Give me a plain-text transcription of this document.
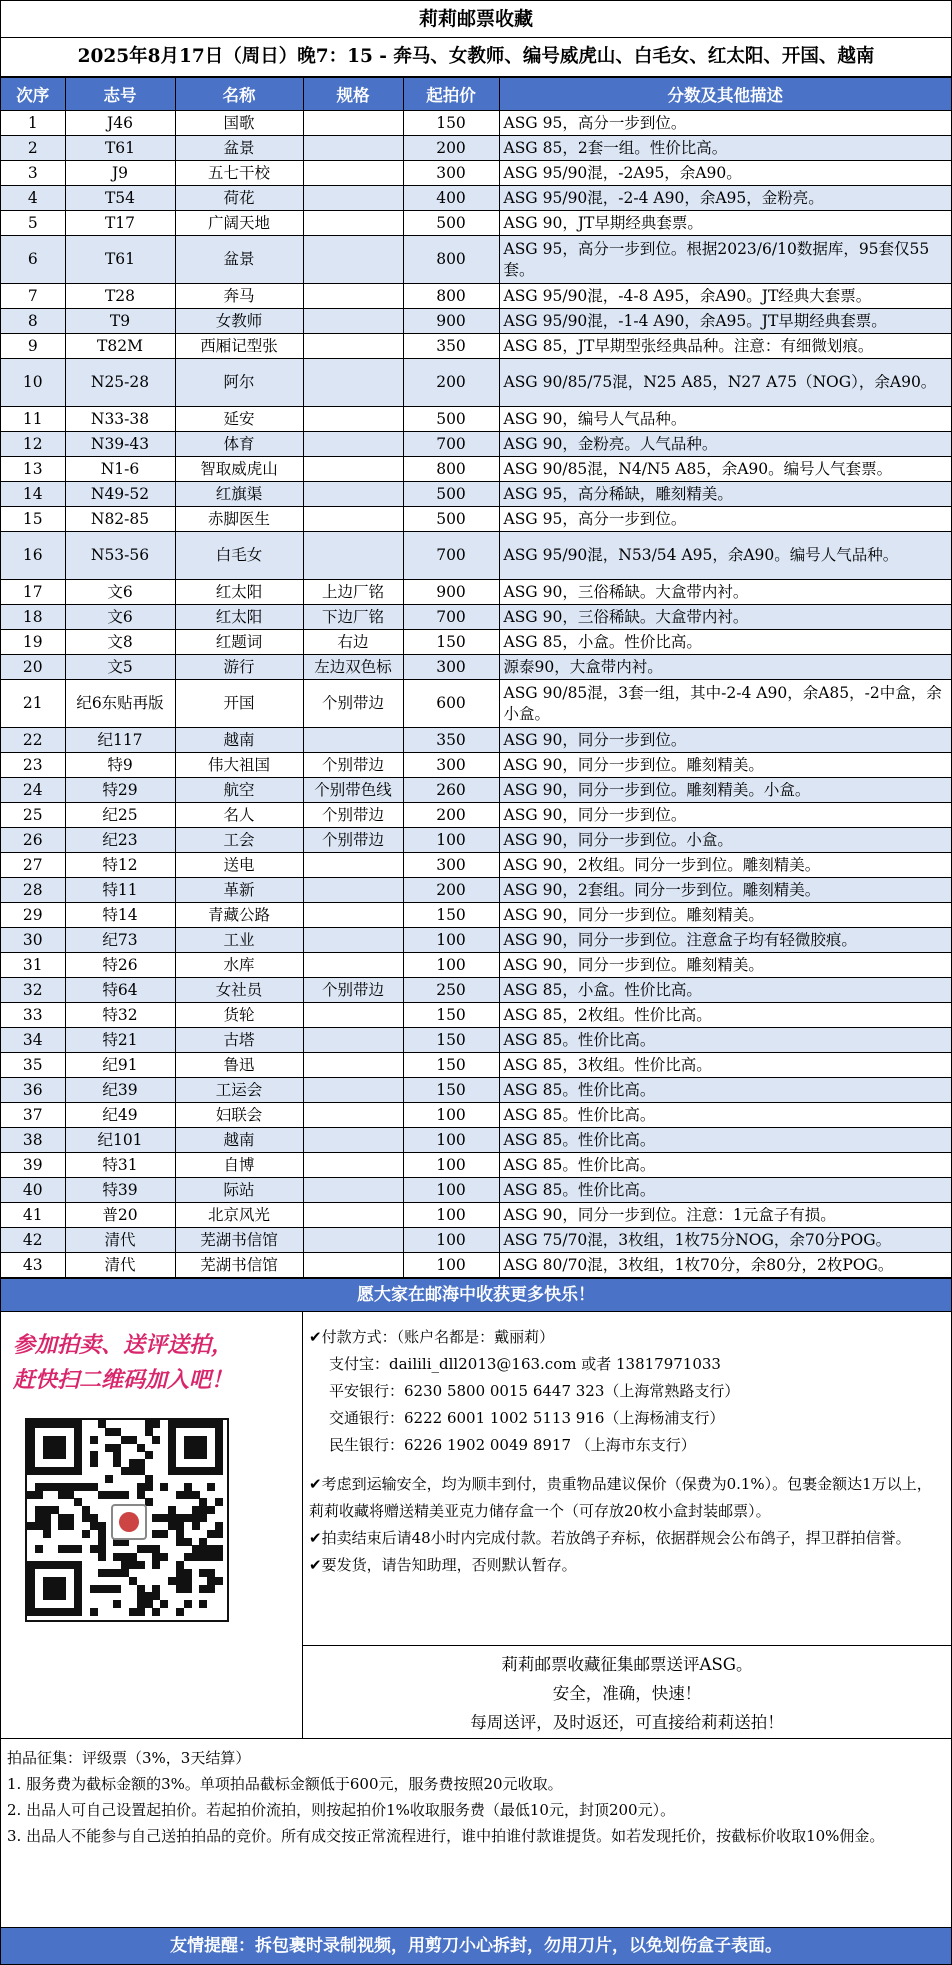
莉莉邮票收藏
2025年8月17日（周日）晚7：15 - 奔马、女教师、编号威虎山、白毛女、红太阳、开国、越南
次序	志号	名称	规格	起拍价	分数及其他描述
1	J46	国歌		150	ASG 95，高分一步到位。
2	T61	盆景		200	ASG 85，2套一组。性价比高。
3	J9	五七干校		300	ASG 95/90混，-2A95，余A90。
4	T54	荷花		400	ASG 95/90混，-2-4 A90，余A95，金粉亮。
5	T17	广阔天地		500	ASG 90，JT早期经典套票。
6	T61	盆景		800	ASG 95，高分一步到位。根据2023/6/10数据库，95套仅55套。
7	T28	奔马		800	ASG 95/90混，-4-8 A95，余A90。JT经典大套票。
8	T9	女教师		900	ASG 95/90混，-1-4 A90，余A95。JT早期经典套票。
9	T82M	西厢记型张		350	ASG 85，JT早期型张经典品种。注意：有细微划痕。
10	N25-28	阿尔		200	ASG 90/85/75混，N25 A85，N27 A75（NOG），余A90。
11	N33-38	延安		500	ASG 90，编号人气品种。
12	N39-43	体育		700	ASG 90，金粉亮。人气品种。
13	N1-6	智取威虎山		800	ASG 90/85混，N4/N5 A85，余A90。编号人气套票。
14	N49-52	红旗渠		500	ASG 95，高分稀缺，雕刻精美。
15	N82-85	赤脚医生		500	ASG 95，高分一步到位。
16	N53-56	白毛女		700	ASG 95/90混，N53/54 A95，余A90。编号人气品种。
17	文6	红太阳	上边厂铭	900	ASG 90，三俗稀缺。大盒带内衬。
18	文6	红太阳	下边厂铭	700	ASG 90，三俗稀缺。大盒带内衬。
19	文8	红题词	右边	150	ASG 85，小盒。性价比高。
20	文5	游行	左边双色标	300	源泰90，大盒带内衬。
21	纪6东贴再版	开国	个别带边	600	ASG 90/85混，3套一组，其中-2-4 A90，余A85，-2中盒，余小盒。
22	纪117	越南		350	ASG 90，同分一步到位。
23	特9	伟大祖国	个别带边	300	ASG 90，同分一步到位。雕刻精美。
24	特29	航空	个别带色线	260	ASG 90，同分一步到位。雕刻精美。小盒。
25	纪25	名人	个别带边	200	ASG 90，同分一步到位。
26	纪23	工会	个别带边	100	ASG 90，同分一步到位。小盒。
27	特12	送电		300	ASG 90，2枚组。同分一步到位。雕刻精美。
28	特11	革新		200	ASG 90，2套组。同分一步到位。雕刻精美。
29	特14	青藏公路		150	ASG 90，同分一步到位。雕刻精美。
30	纪73	工业		100	ASG 90，同分一步到位。注意盒子均有轻微胶痕。
31	特26	水库		100	ASG 90，同分一步到位。雕刻精美。
32	特64	女社员	个别带边	250	ASG 85，小盒。性价比高。
33	特32	货轮		150	ASG 85，2枚组。性价比高。
34	特21	古塔		150	ASG 85。性价比高。
35	纪91	鲁迅		150	ASG 85，3枚组。性价比高。
36	纪39	工运会		150	ASG 85。性价比高。
37	纪49	妇联会		100	ASG 85。性价比高。
38	纪101	越南		100	ASG 85。性价比高。
39	特31	自博		100	ASG 85。性价比高。
40	特39	际站		100	ASG 85。性价比高。
41	普20	北京风光		100	ASG 90，同分一步到位。注意：1元盒子有损。
42	清代	芜湖书信馆		100	ASG 75/70混，3枚组，1枚75分NOG，余70分POG。
43	清代	芜湖书信馆		100	ASG 80/70混，3枚组，1枚70分，余80分，2枚POG。
愿大家在邮海中收获更多快乐！
参加拍卖、送评送拍，
赶快扫二维码加入吧！
✔付款方式：（账户名都是：戴丽莉）
支付宝：dailili_dll2013@163.com 或者 13817971033
平安银行：6230 5800 0015 6447 323（上海常熟路支行）
交通银行：6222 6001 1002 5113 916（上海杨浦支行）
民生银行：6226 1902 0049 8917 （上海市东支行）
✔考虑到运输安全，均为顺丰到付，贵重物品建议保价（保费为0.1%）。包裹金额达1万以上，莉莉收藏将赠送精美亚克力储存盒一个（可存放20枚小盒封装邮票）。
✔拍卖结束后请48小时内完成付款。若放鸽子弃标，依据群规会公布鸽子，捍卫群拍信誉。
✔要发货，请告知助理，否则默认暂存。
莉莉邮票收藏征集邮票送评ASG。
安全，准确，快速！
每周送评，及时返还，可直接给莉莉送拍！
拍品征集：评级票（3%，3天结算）
1. 服务费为截标金额的3%。单项拍品截标金额低于600元，服务费按照20元收取。
2. 出品人可自己设置起拍价。若起拍价流拍，则按起拍价1%收取服务费（最低10元，封顶200元）。
3. 出品人不能参与自己送拍拍品的竞价。所有成交按正常流程进行，谁中拍谁付款谁提货。如若发现托价，按截标价收取10%佣金。
友情提醒：拆包裹时录制视频，用剪刀小心拆封，勿用刀片，以免划伤盒子表面。
